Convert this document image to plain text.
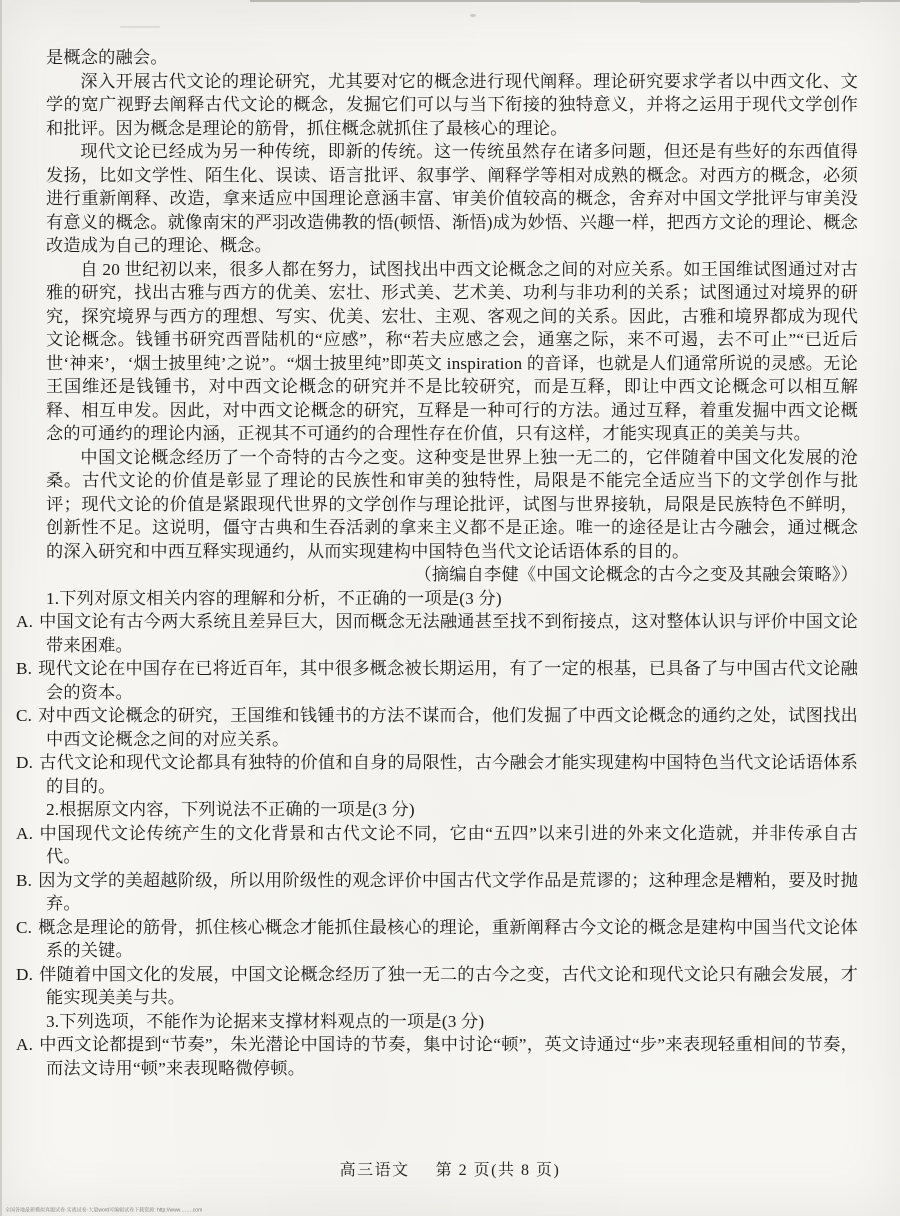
是概念的融会。

深入开展古代文论的理论研究，尤其要对它的概念进行现代阐释。理论研究要求学者以中西文化、文学的宽广视野去阐释古代文论的概念，发掘它们可以与当下衔接的独特意义，并将之运用于现代文学创作和批评。因为概念是理论的筋骨，抓住概念就抓住了最核心的理论。

现代文论已经成为另一种传统，即新的传统。这一传统虽然存在诸多问题，但还是有些好的东西值得发扬，比如文学性、陌生化、误读、语言批评、叙事学、阐释学等相对成熟的概念。对西方的概念，必须进行重新阐释、改造，拿来适应中国理论意涵丰富、审美价值较高的概念，舍弃对中国文学批评与审美没有意义的概念。就像南宋的严羽改造佛教的悟(顿悟、渐悟)成为妙悟、兴趣一样，把西方文论的理论、概念改造成为自己的理论、概念。

自 20 世纪初以来，很多人都在努力，试图找出中西文论概念之间的对应关系。如王国维试图通过对古雅的研究，找出古雅与西方的优美、宏壮、形式美、艺术美、功利与非功利的关系；试图通过对境界的研究，探究境界与西方的理想、写实、优美、宏壮、主观、客观之间的关系。因此，古雅和境界都成为现代文论概念。钱锺书研究西晋陆机的“应感”，称“若夫应感之会，通塞之际，来不可遏，去不可止”“已近后世‘神来’，‘烟士披里纯’之说”。“烟士披里纯”即英文 inspiration 的音译，也就是人们通常所说的灵感。无论王国维还是钱锺书，对中西文论概念的研究并不是比较研究，而是互释，即让中西文论概念可以相互解释、相互申发。因此，对中西文论概念的研究，互释是一种可行的方法。通过互释，着重发掘中西文论概念的可通约的理论内涵，正视其不可通约的合理性存在价值，只有这样，才能实现真正的美美与共。

中国文论概念经历了一个奇特的古今之变。这种变是世界上独一无二的，它伴随着中国文化发展的沧桑。古代文论的价值是彰显了理论的民族性和审美的独特性，局限是不能完全适应当下的文学创作与批评；现代文论的价值是紧跟现代世界的文学创作与理论批评，试图与世界接轨，局限是民族特色不鲜明，创新性不足。这说明，僵守古典和生吞活剥的拿来主义都不是正途。唯一的途径是让古今融会，通过概念的深入研究和中西互释实现通约，从而实现建构中国特色当代文论话语体系的目的。

（摘编自李健《中国文论概念的古今之变及其融会策略》）

1.下列对原文相关内容的理解和分析，不正确的一项是(3 分)

A. 中国文论有古今两大系统且差异巨大，因而概念无法融通甚至找不到衔接点，这对整体认识与评价中国文论带来困难。

B. 现代文论在中国存在已将近百年，其中很多概念被长期运用，有了一定的根基，已具备了与中国古代文论融会的资本。

C. 对中西文论概念的研究，王国维和钱锺书的方法不谋而合，他们发掘了中西文论概念的通约之处，试图找出中西文论概念之间的对应关系。

D. 古代文论和现代文论都具有独特的价值和自身的局限性，古今融会才能实现建构中国特色当代文论话语体系的目的。

2.根据原文内容，下列说法不正确的一项是(3 分)

A. 中国现代文论传统产生的文化背景和古代文论不同，它由“五四”以来引进的外来文化造就，并非传承自古代。

B. 因为文学的美超越阶级，所以用阶级性的观念评价中国古代文学作品是荒谬的；这种理念是糟粕，要及时抛弃。

C. 概念是理论的筋骨，抓住核心概念才能抓住最核心的理论，重新阐释古今文论的概念是建构中国当代文论体系的关键。

D. 伴随着中国文化的发展，中国文论概念经历了独一无二的古今之变，古代文论和现代文论只有融会发展，才能实现美美与共。

3.下列选项，不能作为论据来支撑材料观点的一项是(3 分)

A. 中西文论都提到“节奏”，朱光潜论中国诗的节奏，集中讨论“顿”，英文诗通过“步”来表现轻重相间的节奏，而法文诗用“顿”来表现略微停顿。

高三语文 第 2 页(共 8 页)
全国各地最新模拟真题试卷·实战试卷·大量word可编辑试卷下载资源: http://www.…….com
